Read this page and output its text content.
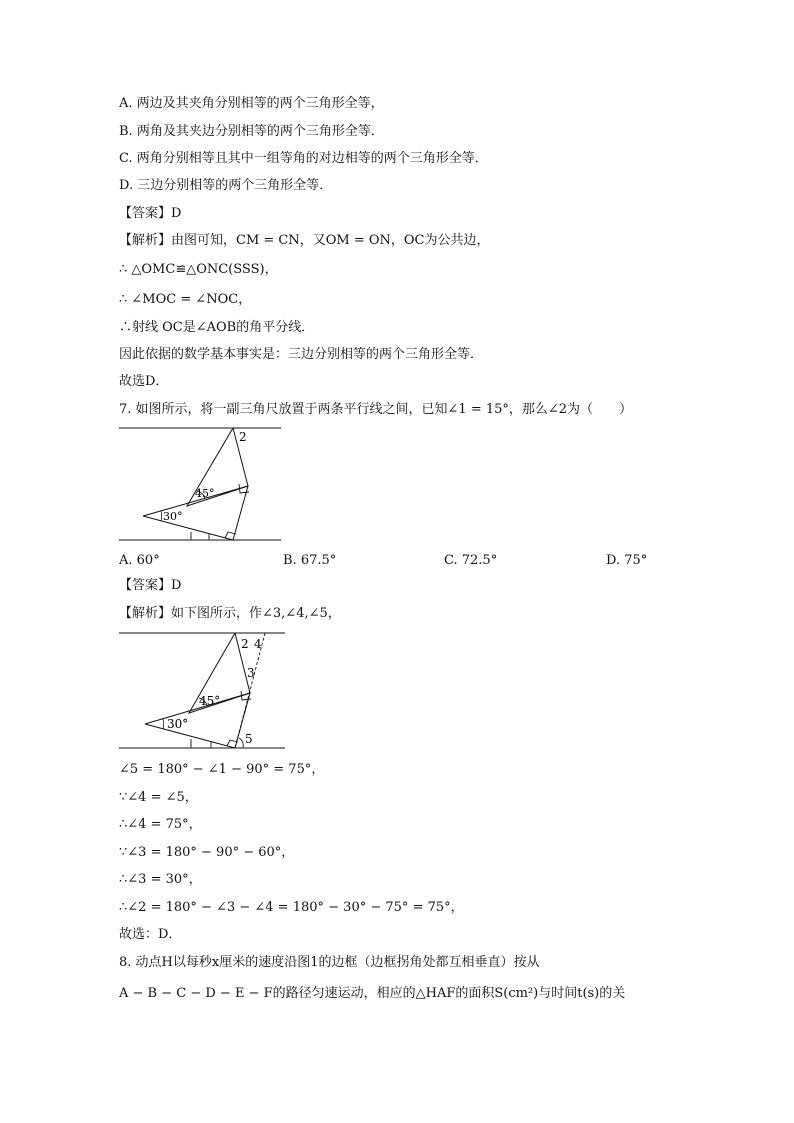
A. 两边及其夹角分别相等的两个三角形全等，
B. 两角及其夹边分别相等的两个三角形全等．
C. 两角分别相等且其中一组等角的对边相等的两个三角形全等．
D. 三边分别相等的两个三角形全等．
【答案】D
【解析】由图可知，CM = CN，又OM = ON，OC为公共边，
∴ △OMC≌△ONC(SSS)，
∴ ∠MOC = ∠NOC，
∴射线 OC是∠AOB的角平分线．
因此依据的数学基本事实是：三边分别相等的两个三角形全等．
故选D．
7. 如图所示，将一副三角尺放置于两条平行线之间，已知∠1 = 15°，那么∠2为（　　）
2
45°
30°
A. 60°	B. 67.5°	C. 72.5°	D. 75°
【答案】D
【解析】如下图所示，作∠3,∠4,∠5，
2 4
3
45°
30°
5
∠5 = 180° − ∠1 − 90° = 75°，
∵∠4 = ∠5，
∴∠4 = 75°，
∵∠3 = 180° − 90° − 60°，
∴∠3 = 30°，
∴∠2 = 180° − ∠3 − ∠4 = 180° − 30° − 75° = 75°，
故选：D．
8. 动点H以每秒x厘米的速度沿图1的边框（边框拐角处都互相垂直）按从
A − B − C − D − E − F的路径匀速运动，相应的△HAF的面积S(cm²)与时间t(s)的关
